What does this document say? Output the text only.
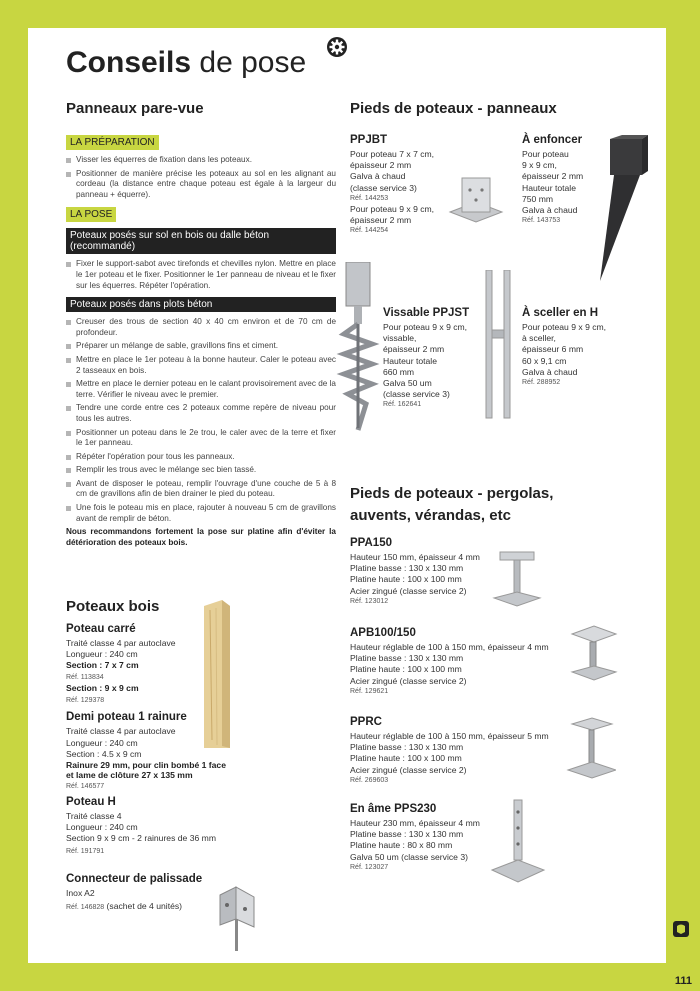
Conseils de pose
Panneaux pare-vue
LA PRÉPARATION
Visser les équerres de fixation dans les poteaux.
Positionner de manière précise les poteaux au sol en les alignant au cordeau (la distance entre chaque poteau est égale à la largeur du panneau + équerre).
LA POSE
Poteaux posés sur sol en bois ou dalle béton (recommandé)
Fixer le support-sabot avec tirefonds et chevilles nylon. Mettre en place le 1er poteau et le fixer. Positionner le 1er panneau de niveau et le fixer sur les équerres. Répéter l'opération.
Poteaux posés dans plots béton
Creuser des trous de section 40 x 40 cm environ et de 70 cm de profondeur.
Préparer un mélange de sable, gravillons fins et ciment.
Mettre en place le 1er poteau à la bonne hauteur. Caler le poteau avec 2 tasseaux en bois.
Mettre en place le dernier poteau en le calant provisoirement avec de la terre. Vérifier le niveau avec le premier.
Tendre une corde entre ces 2 poteaux comme repère de niveau pour tous les autres.
Positionner un poteau dans le 2e trou, le caler avec de la terre et fixer le 1er panneau.
Répéter l'opération pour tous les panneaux.
Remplir les trous avec le mélange sec bien tassé.
Avant de disposer le poteau, remplir l'ouvrage d'une couche de 5 à 8 cm de gravillons afin de bien drainer le pied du poteau.
Une fois le poteau mis en place, rajouter à nouveau 5 cm de gravillons avant de remplir de béton.
Nous recommandons fortement la pose sur platine afin d'éviter la détérioration des poteaux bois.
Poteaux bois
Poteau carré
Traité classe 4 par autoclave
Longueur : 240 cm
Section : 7 x 7 cm
Réf. 113834
Section : 9 x 9 cm
Réf. 129378
Demi poteau 1 rainure
Traité classe 4 par autoclave
Longueur : 240 cm
Section : 4.5 x 9 cm
Rainure 29 mm, pour clin bombé 1 face
et lame de clôture 27 x 135 mm
Réf. 146577
Poteau H
Traité classe 4
Longueur : 240 cm
Section 9 x 9 cm - 2 rainures de 36 mm
Réf. 191791
Connecteur de palissade
Inox A2
Réf. 146828 (sachet de 4 unités)
Pieds de poteaux - panneaux
PPJBT
Pour poteau 7 x 7 cm,
épaisseur 2 mm
Galva à chaud
(classe service 3)
Réf. 144253
Pour poteau 9 x 9 cm,
épaisseur 2 mm
Réf. 144254
À enfoncer
Pour poteau
9 x 9 cm,
épaisseur 2 mm
Hauteur totale
750 mm
Galva à chaud
Réf. 143753
Vissable PPJST
Pour poteau 9 x 9 cm,
vissable,
épaisseur 2 mm
Hauteur totale
660 mm
Galva 50 um
(classe service 3)
Réf. 162641
À sceller en H
Pour poteau 9 x 9 cm,
à sceller,
épaisseur 6 mm
60 x 9,1 cm
Galva à chaud
Réf. 288952
Pieds de poteaux - pergolas,
auvents, vérandas, etc
PPA150
Hauteur 150 mm, épaisseur 4 mm
Platine basse : 130 x 130 mm
Platine haute : 100 x 100 mm
Acier zingué (classe service 2)
Réf. 123012
APB100/150
Hauteur réglable de 100 à 150 mm, épaisseur 4 mm
Platine basse : 130 x 130 mm
Platine haute : 100 x 100 mm
Acier zingué (classe service 2)
Réf. 129621
PPRC
Hauteur réglable de 100 à 150 mm, épaisseur 5 mm
Platine basse : 130 x 130 mm
Platine haute : 100 x 100 mm
Acier zingué (classe service 2)
Réf. 269603
En âme PPS230
Hauteur 230 mm, épaisseur 4 mm
Platine basse : 130 x 130 mm
Platine haute : 80 x 80 mm
Galva 50 um (classe service 3)
Réf. 123027
111
